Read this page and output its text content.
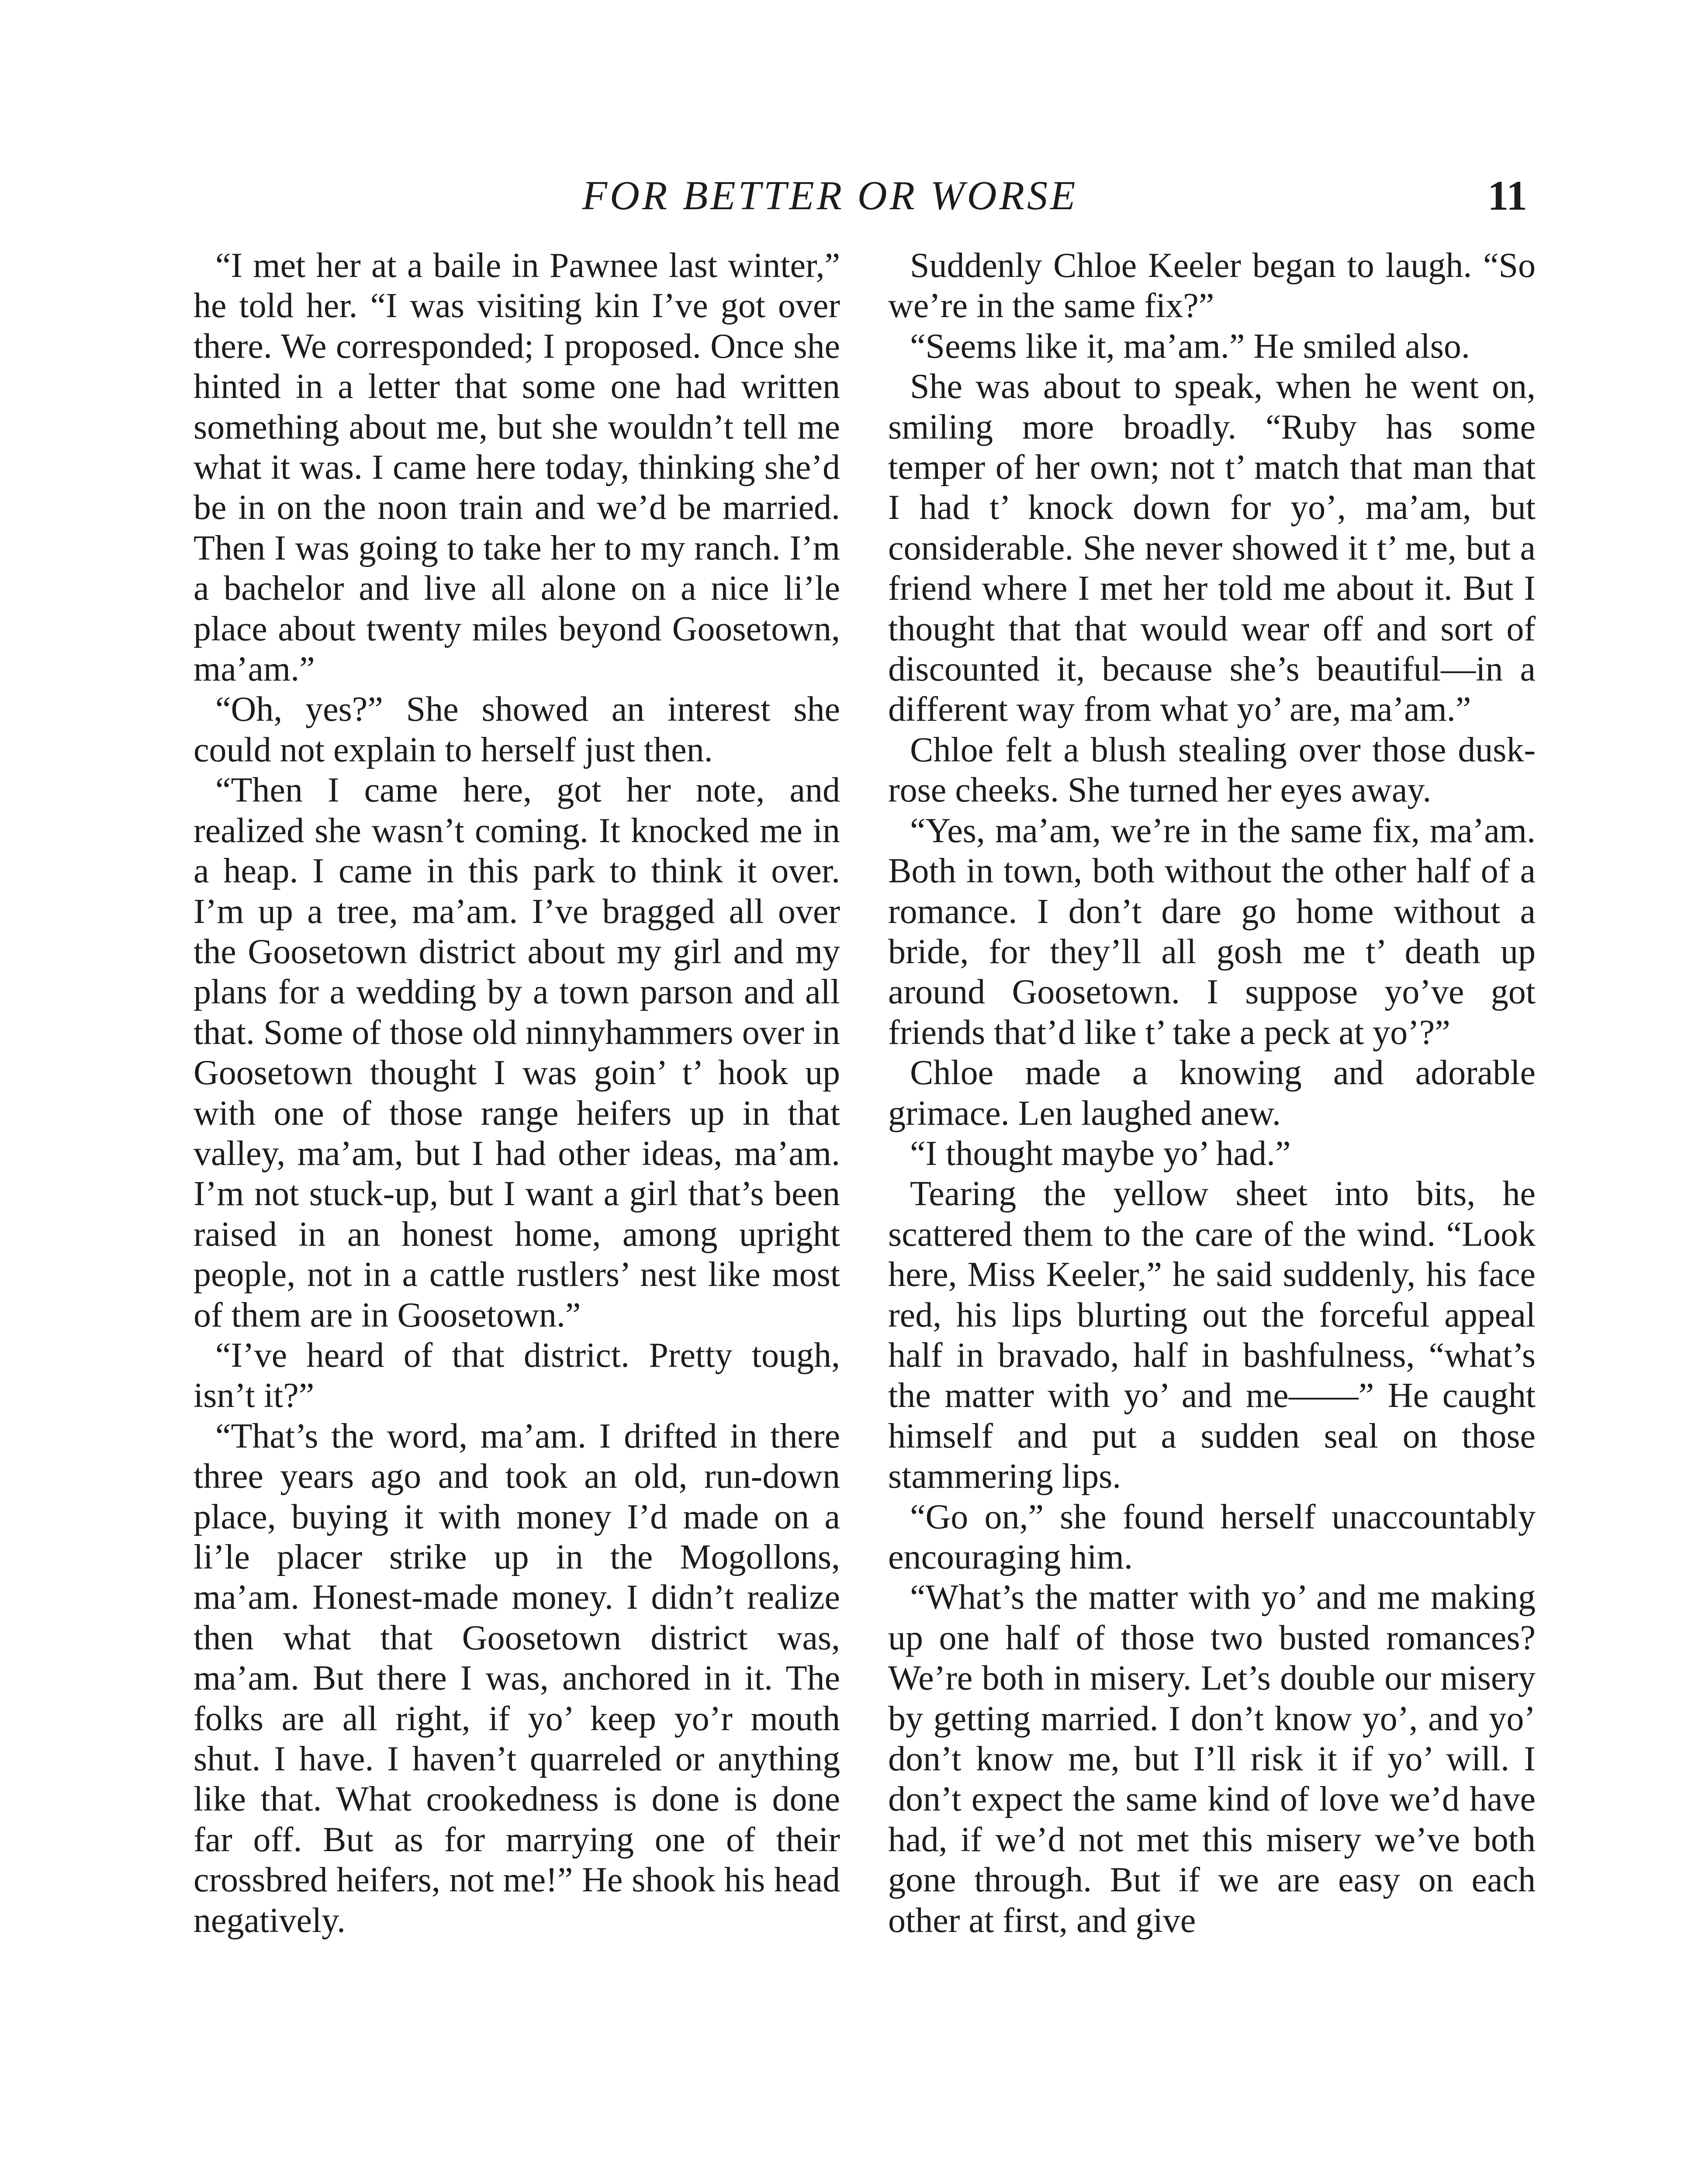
FOR BETTER OR WORSE	11

“I met her at a baile in Pawnee last winter,” he told her. “I was visiting kin I’ve got over there. We corresponded; I proposed. Once she hinted in a letter that some one had written something about me, but she wouldn’t tell me what it was. I came here today, thinking she’d be in on the noon train and we’d be married. Then I was going to take her to my ranch. I’m a bachelor and live all alone on a nice li’le place about twenty miles beyond Goosetown, ma’am.”

“Oh, yes?” She showed an interest she could not explain to herself just then.

“Then I came here, got her note, and realized she wasn’t coming. It knocked me in a heap. I came in this park to think it over. I’m up a tree, ma’am. I’ve bragged all over the Goosetown district about my girl and my plans for a wedding by a town parson and all that. Some of those old ninnyhammers over in Goosetown thought I was goin’ t’ hook up with one of those range heifers up in that valley, ma’am, but I had other ideas, ma’am. I’m not stuck-up, but I want a girl that’s been raised in an honest home, among upright people, not in a cattle rustlers’ nest like most of them are in Goosetown.”

“I’ve heard of that district. Pretty tough, isn’t it?”

“That’s the word, ma’am. I drifted in there three years ago and took an old, run-down place, buying it with money I’d made on a li’le placer strike up in the Mogollons, ma’am. Honest-made money. I didn’t realize then what that Goosetown district was, ma’am. But there I was, anchored in it. The folks are all right, if yo’ keep yo’r mouth shut. I have. I haven’t quarreled or anything like that. What crookedness is done is done far off. But as for marrying one of their crossbred heifers, not me!” He shook his head negatively.

Suddenly Chloe Keeler began to laugh. “So we’re in the same fix?”

“Seems like it, ma’am.” He smiled also.

She was about to speak, when he went on, smiling more broadly. “Ruby has some temper of her own; not t’ match that man that I had t’ knock down for yo’, ma’am, but considerable. She never showed it t’ me, but a friend where I met her told me about it. But I thought that that would wear off and sort of discounted it, because she’s beautiful—in a different way from what yo’ are, ma’am.”

Chloe felt a blush stealing over those dusk-rose cheeks. She turned her eyes away.

“Yes, ma’am, we’re in the same fix, ma’am. Both in town, both without the other half of a romance. I don’t dare go home without a bride, for they’ll all gosh me t’ death up around Goosetown. I suppose yo’ve got friends that’d like t’ take a peck at yo’?”

Chloe made a knowing and adorable grimace. Len laughed anew.

“I thought maybe yo’ had.”

Tearing the yellow sheet into bits, he scattered them to the care of the wind. “Look here, Miss Keeler,” he said suddenly, his face red, his lips blurting out the forceful appeal half in bravado, half in bashfulness, “what’s the matter with yo’ and me——” He caught himself and put a sudden seal on those stammering lips.

“Go on,” she found herself unaccountably encouraging him.

“What’s the matter with yo’ and me making up one half of those two busted romances? We’re both in misery. Let’s double our misery by getting married. I don’t know yo’, and yo’ don’t know me, but I’ll risk it if yo’ will. I don’t expect the same kind of love we’d have had, if we’d not met this misery we’ve both gone through. But if we are easy on each other at first, and give
